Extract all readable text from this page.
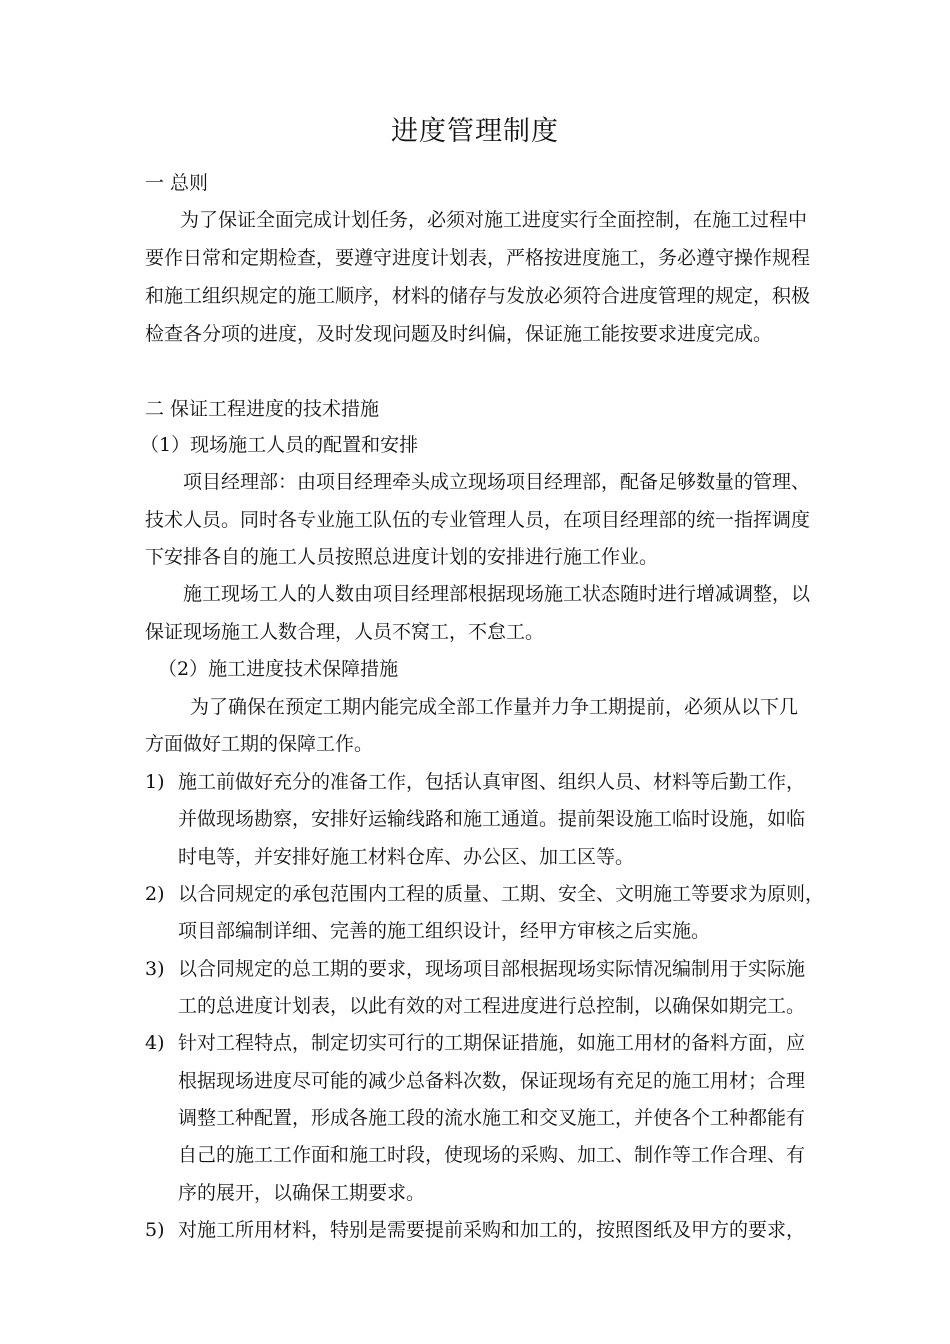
进度管理制度
一 总则
为了保证全面完成计划任务，必须对施工进度实行全面控制，在施工过程中
要作日常和定期检查，要遵守进度计划表，严格按进度施工，务必遵守操作规程
和施工组织规定的施工顺序，材料的储存与发放必须符合进度管理的规定，积极
检查各分项的进度，及时发现问题及时纠偏，保证施工能按要求进度完成。
二 保证工程进度的技术措施
（1）现场施工人员的配置和安排
项目经理部：由项目经理牵头成立现场项目经理部，配备足够数量的管理、
技术人员。同时各专业施工队伍的专业管理人员，在项目经理部的统一指挥调度
下安排各自的施工人员按照总进度计划的安排进行施工作业。
施工现场工人的人数由项目经理部根据现场施工状态随时进行增减调整，以
保证现场施工人数合理，人员不窝工，不怠工。
（2）施工进度技术保障措施
为了确保在预定工期内能完成全部工作量并力争工期提前，必须从以下几
方面做好工期的保障工作。
1) 施工前做好充分的准备工作，包括认真审图、组织人员、材料等后勤工作，
并做现场勘察，安排好运输线路和施工通道。提前架设施工临时设施，如临
时电等，并安排好施工材料仓库、办公区、加工区等。
2) 以合同规定的承包范围内工程的质量、工期、安全、文明施工等要求为原则，
项目部编制详细、完善的施工组织设计，经甲方审核之后实施。
3) 以合同规定的总工期的要求，现场项目部根据现场实际情况编制用于实际施
工的总进度计划表，以此有效的对工程进度进行总控制，以确保如期完工。
4) 针对工程特点，制定切实可行的工期保证措施，如施工用材的备料方面，应
根据现场进度尽可能的减少总备料次数，保证现场有充足的施工用材；合理
调整工种配置，形成各施工段的流水施工和交叉施工，并使各个工种都能有
自己的施工工作面和施工时段，使现场的采购、加工、制作等工作合理、有
序的展开，以确保工期要求。
5) 对施工所用材料，特别是需要提前采购和加工的，按照图纸及甲方的要求，
